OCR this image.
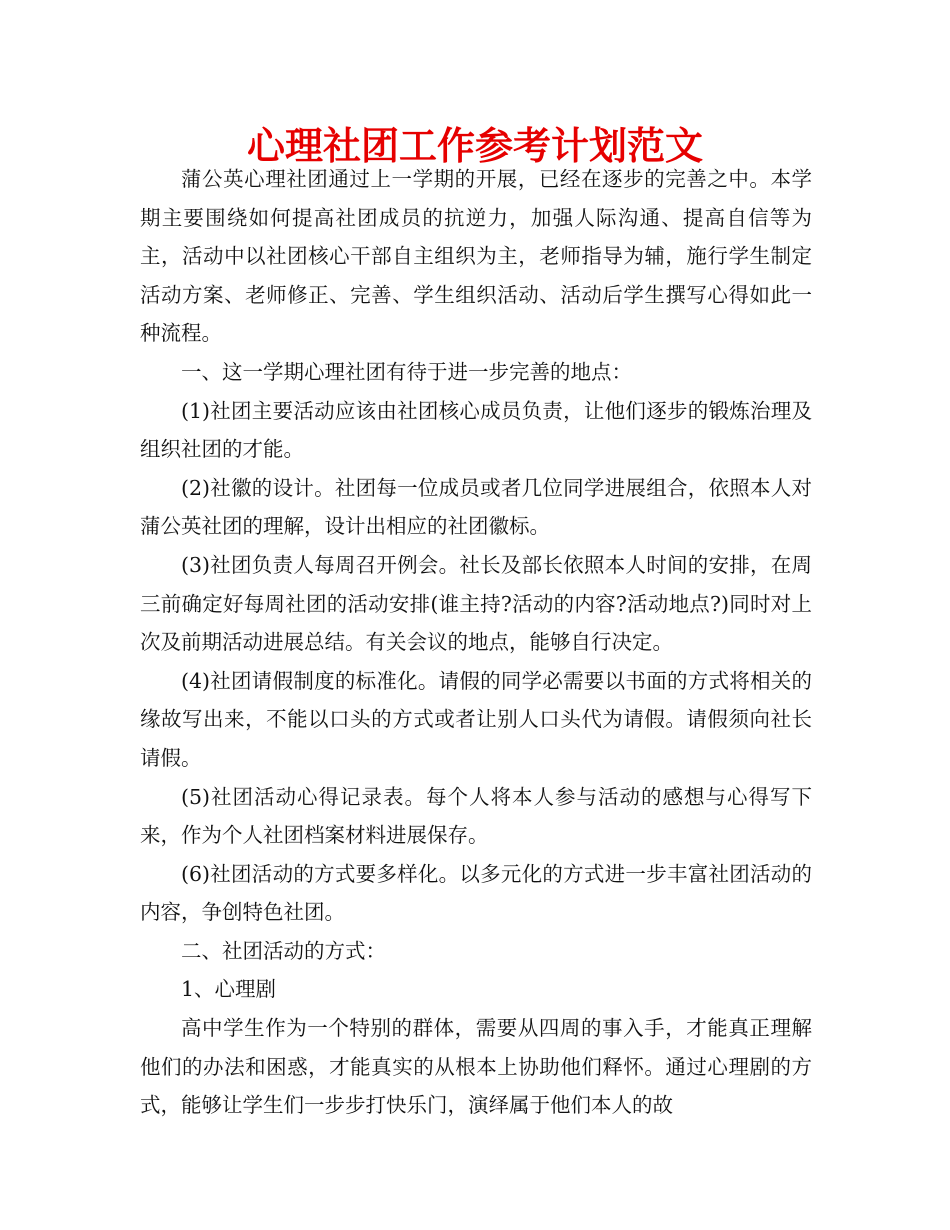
心理社团工作参考计划范文

蒲公英心理社团通过上一学期的开展，已经在逐步的完善之中。本学期主要围绕如何提高社团成员的抗逆力，加强人际沟通、提高自信等为主，活动中以社团核心干部自主组织为主，老师指导为辅，施行学生制定活动方案、老师修正、完善、学生组织活动、活动后学生撰写心得如此一种流程。

一、这一学期心理社团有待于进一步完善的地点：

(1)社团主要活动应该由社团核心成员负责，让他们逐步的锻炼治理及组织社团的才能。

(2)社徽的设计。社团每一位成员或者几位同学进展组合，依照本人对蒲公英社团的理解，设计出相应的社团徽标。

(3)社团负责人每周召开例会。社长及部长依照本人时间的安排，在周三前确定好每周社团的活动安排(谁主持?活动的内容?活动地点?)同时对上次及前期活动进展总结。有关会议的地点，能够自行决定。

(4)社团请假制度的标准化。请假的同学必需要以书面的方式将相关的缘故写出来，不能以口头的方式或者让别人口头代为请假。请假须向社长请假。

(5)社团活动心得记录表。每个人将本人参与活动的感想与心得写下来，作为个人社团档案材料进展保存。

(6)社团活动的方式要多样化。以多元化的方式进一步丰富社团活动的内容，争创特色社团。

二、社团活动的方式：

1、心理剧

高中学生作为一个特别的群体，需要从四周的事入手，才能真正理解他们的办法和困惑，才能真实的从根本上协助他们释怀。通过心理剧的方式，能够让学生们一步步打快乐门，演绎属于他们本人的故
